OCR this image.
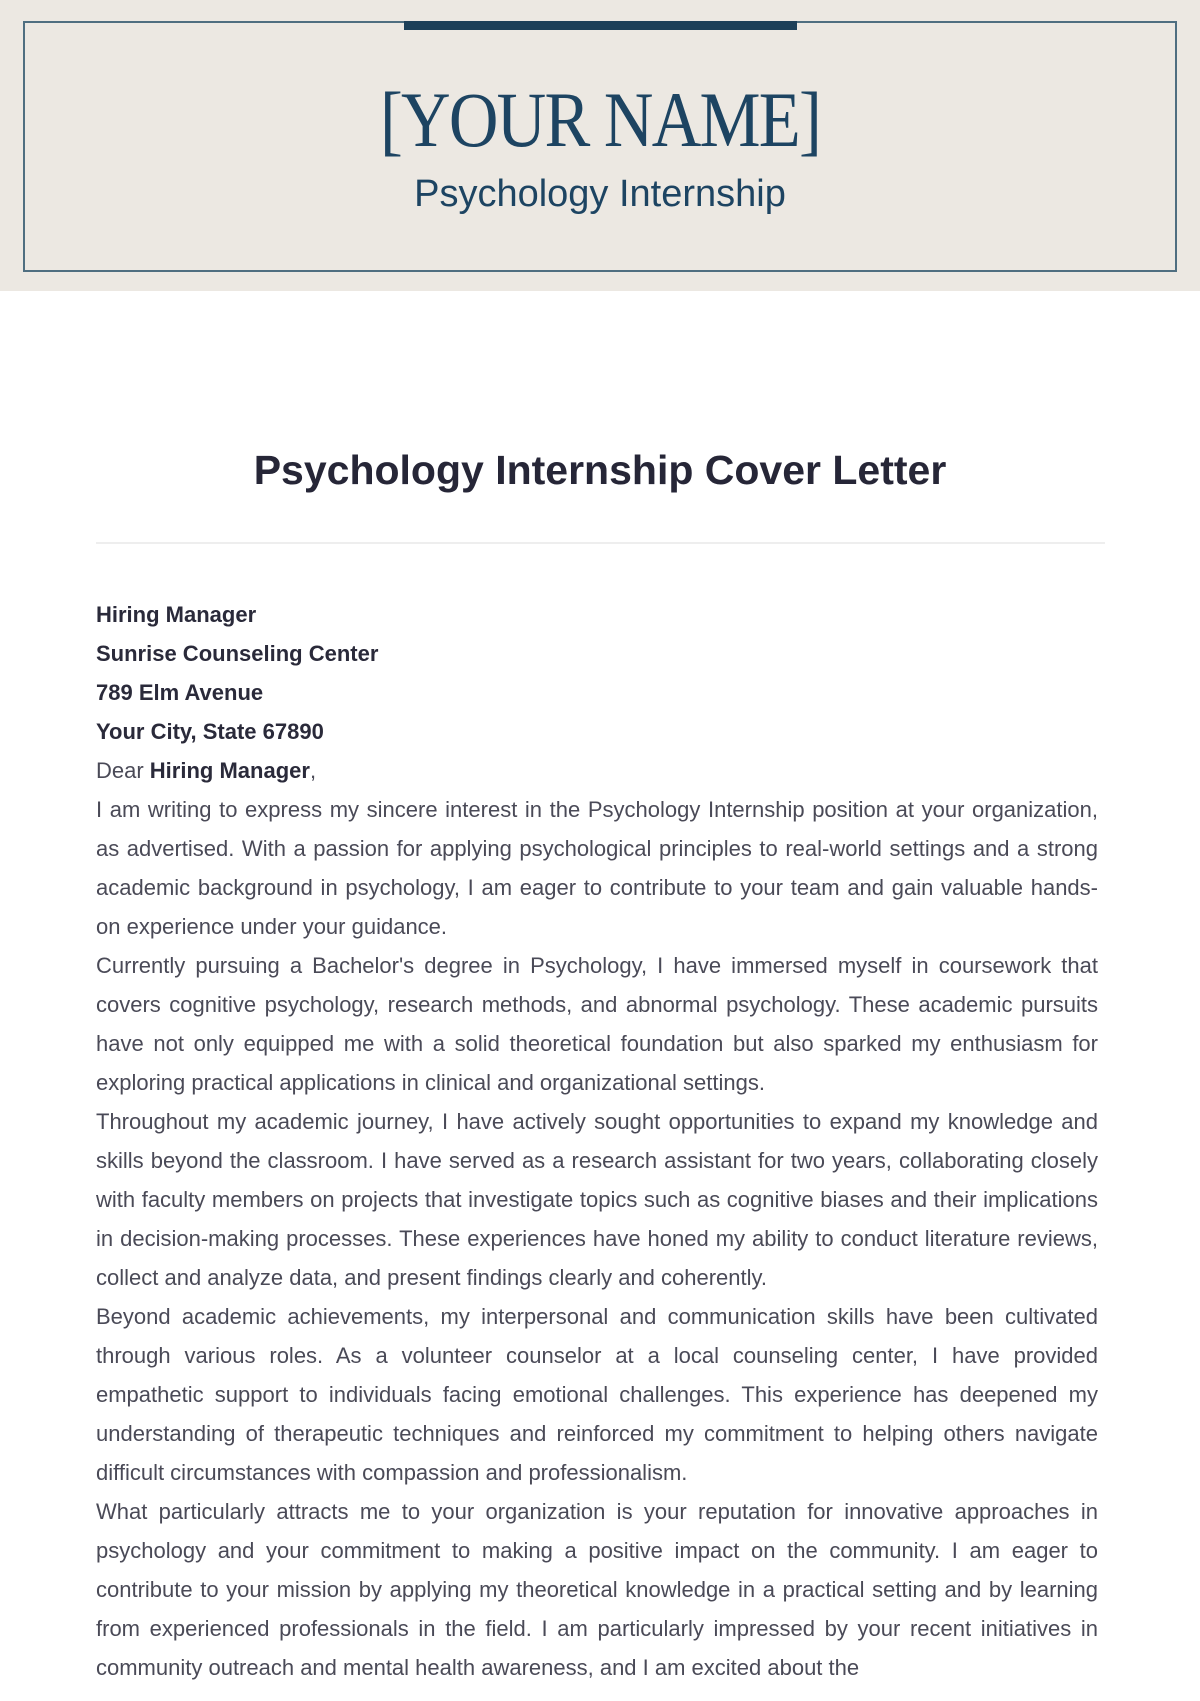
[YOUR NAME]
Psychology Internship
Psychology Internship Cover Letter

Hiring Manager

Sunrise Counseling Center

789 Elm Avenue

Your City, State 67890

Dear Hiring Manager,

I am writing to express my sincere interest in the Psychology Internship position at your organization, as advertised. With a passion for applying psychological principles to real-world settings and a strong academic background in psychology, I am eager to contribute to your team and gain valuable hands-on experience under your guidance.

Currently pursuing a Bachelor's degree in Psychology, I have immersed myself in coursework that covers cognitive psychology, research methods, and abnormal psychology. These academic pursuits have not only equipped me with a solid theoretical foundation but also sparked my enthusiasm for exploring practical applications in clinical and organizational settings.

Throughout my academic journey, I have actively sought opportunities to expand my knowledge and skills beyond the classroom. I have served as a research assistant for two years, collaborating closely with faculty members on projects that investigate topics such as cognitive biases and their implications in decision-making processes. These experiences have honed my ability to conduct literature reviews, collect and analyze data, and present findings clearly and coherently.

Beyond academic achievements, my interpersonal and communication skills have been cultivated through various roles. As a volunteer counselor at a local counseling center, I have provided empathetic support to individuals facing emotional challenges. This experience has deepened my understanding of therapeutic techniques and reinforced my commitment to helping others navigate difficult circumstances with compassion and professionalism.

What particularly attracts me to your organization is your reputation for innovative approaches in psychology and your commitment to making a positive impact on the community. I am eager to contribute to your mission by applying my theoretical knowledge in a practical setting and by learning from experienced professionals in the field. I am particularly impressed by your recent initiatives in community outreach and mental health awareness, and I am excited about the
